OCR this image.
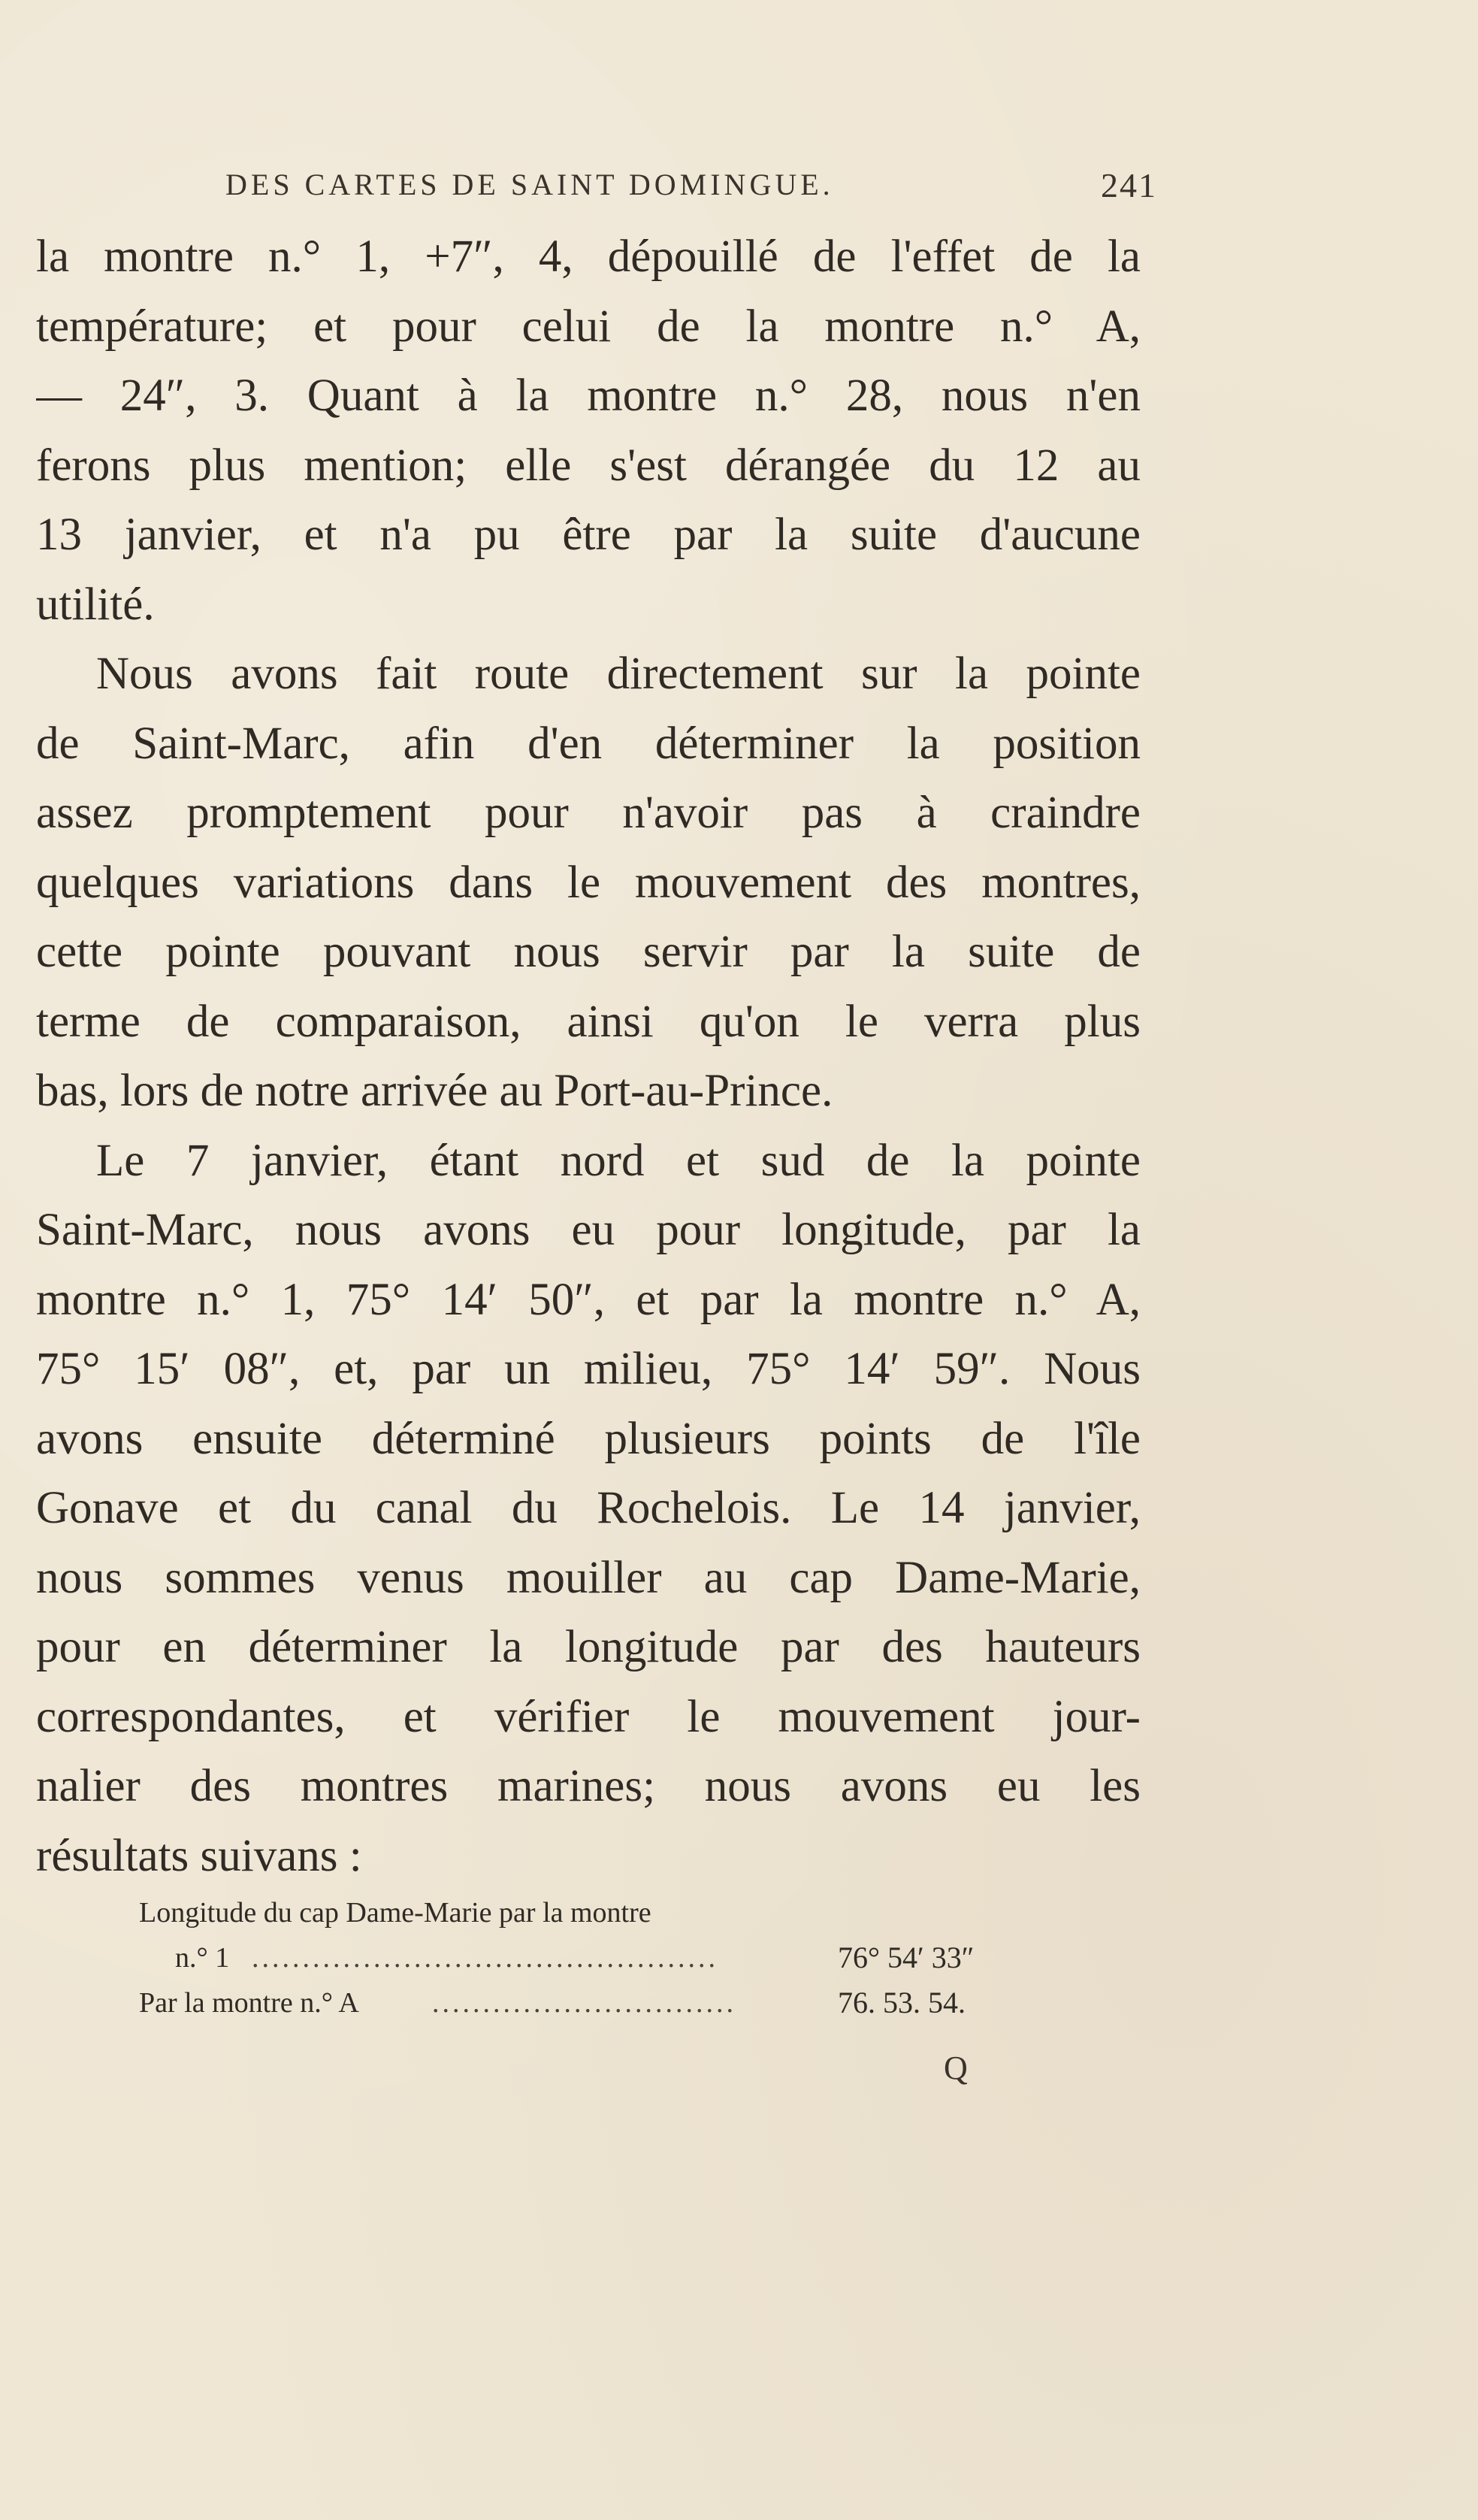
DES CARTES DE SAINT DOMINGUE.	241
la montre n.° 1, +7″, 4, dépouillé de l'effet de la
température; et pour celui de la montre n.° A,
— 24″, 3. Quant à la montre n.° 28, nous n'en
ferons plus mention; elle s'est dérangée du 12 au
13 janvier, et n'a pu être par la suite d'aucune
utilité.
Nous avons fait route directement sur la pointe
de Saint-Marc, afin d'en déterminer la position
assez promptement pour n'avoir pas à craindre
quelques variations dans le mouvement des montres,
cette pointe pouvant nous servir par la suite de
terme de comparaison, ainsi qu'on le verra plus
bas, lors de notre arrivée au Port-au-Prince.
Le 7 janvier, étant nord et sud de la pointe
Saint-Marc, nous avons eu pour longitude, par la
montre n.° 1, 75° 14′ 50″, et par la montre n.° A,
75° 15′ 08″, et, par un milieu, 75° 14′ 59″. Nous
avons ensuite déterminé plusieurs points de l'île
Gonave et du canal du Rochelois. Le 14 janvier,
nous sommes venus mouiller au cap Dame-Marie,
pour en déterminer la longitude par des hauteurs
correspondantes, et vérifier le mouvement jour-
nalier des montres marines; nous avons eu les
résultats suivans :
Longitude du cap Dame-Marie par la montre
n.° 1 ..............................................	76° 54′ 33″
Par la montre n.° A	..............................	76. 53. 54.
Q
